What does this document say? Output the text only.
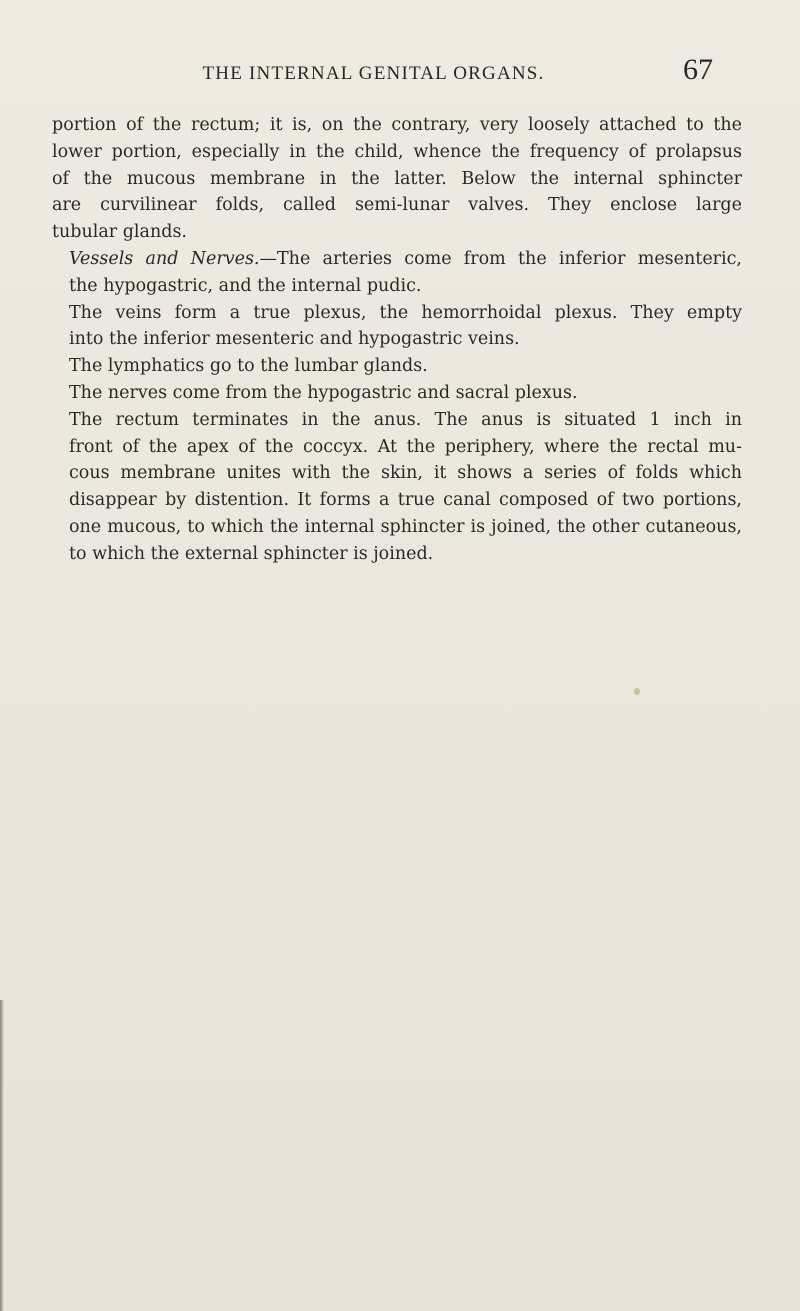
THE INTERNAL GENITAL ORGANS.	67

portion of the rectum; it is, on the contrary, very loosely attached to the
lower portion, especially in the child, whence the frequency of prolapsus
of the mucous membrane in the latter. Below the internal sphincter
are curvilinear folds, called semi-lunar valves. They enclose large
tubular glands.

Vessels and Nerves.—The arteries come from the inferior mesenteric,
the hypogastric, and the internal pudic.

The veins form a true plexus, the hemorrhoidal plexus. They empty
into the inferior mesenteric and hypogastric veins.

The lymphatics go to the lumbar glands.

The nerves come from the hypogastric and sacral plexus.

The rectum terminates in the anus. The anus is situated 1 inch in
front of the apex of the coccyx. At the periphery, where the rectal mu-
cous membrane unites with the skin, it shows a series of folds which
disappear by distention. It forms a true canal composed of two portions,
one mucous, to which the internal sphincter is joined, the other cutaneous,
to which the external sphincter is joined.
